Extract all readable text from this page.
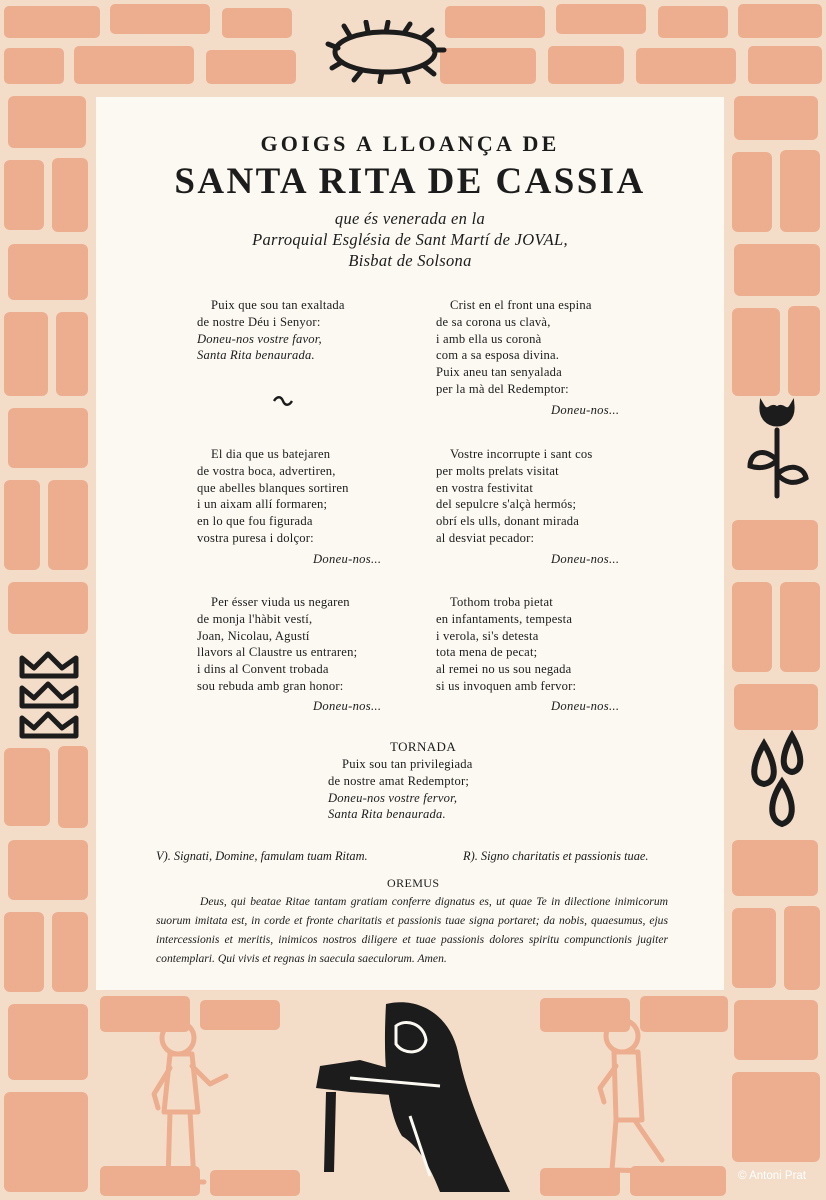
GOIGS A LLOANÇA DE
SANTA RITA DE CASSIA
que és venerada en la
Parroquial Església de Sant Martí de JOVAL,
Bisbat de Solsona
Puix que sou tan exaltada
de nostre Déu i Senyor:
Doneu-nos vostre favor,
Santa Rita benaurada.
Crist en el front una espina
de sa corona us clavà,
i amb ella us coronà
com a sa esposa divina.
Puix aneu tan senyalada
per la mà del Redemptor:
Doneu-nos...
El dia que us batejaren
de vostra boca, advertiren,
que abelles blanques sortiren
i un aixam allí formaren;
en lo que fou figurada
vostra puresa i dolçor:
Doneu-nos...
Vostre incorrupte i sant cos
per molts prelats visitat
en vostra festivitat
del sepulcre s'alçà hermós;
obrí els ulls, donant mirada
al desviat pecador:
Doneu-nos...
Per ésser viuda us negaren
de monja l'hàbit vestí,
Joan, Nicolau, Agustí
llavors al Claustre us entraren;
i dins al Convent trobada
sou rebuda amb gran honor:
Doneu-nos...
Tothom troba pietat
en infantaments, tempesta
i verola, si's detesta
tota mena de pecat;
al remei no us sou negada
si us invoquen amb fervor:
Doneu-nos...
TORNADA
Puix sou tan privilegiada
de nostre amat Redemptor;
Doneu-nos vostre fervor,
Santa Rita benaurada.
V). Signati, Domine, famulam tuam Ritam.	R). Signo charitatis et passionis tuae.
OREMUS

Deus, qui beatae Ritae tantam gratiam conferre dignatus es, ut quae Te in dilectione inimicorum suorum imitata est, in corde et fronte charitatis et passionis tuae signa portaret; da nobis, quaesumus, ejus intercessionis et meritis, inimicos nostros diligere et tuae passionis dolores spiritu compunctionis jugiter contemplari. Qui vivis et regnas in saecula saeculorum. Amen.

© Antoni Prat
